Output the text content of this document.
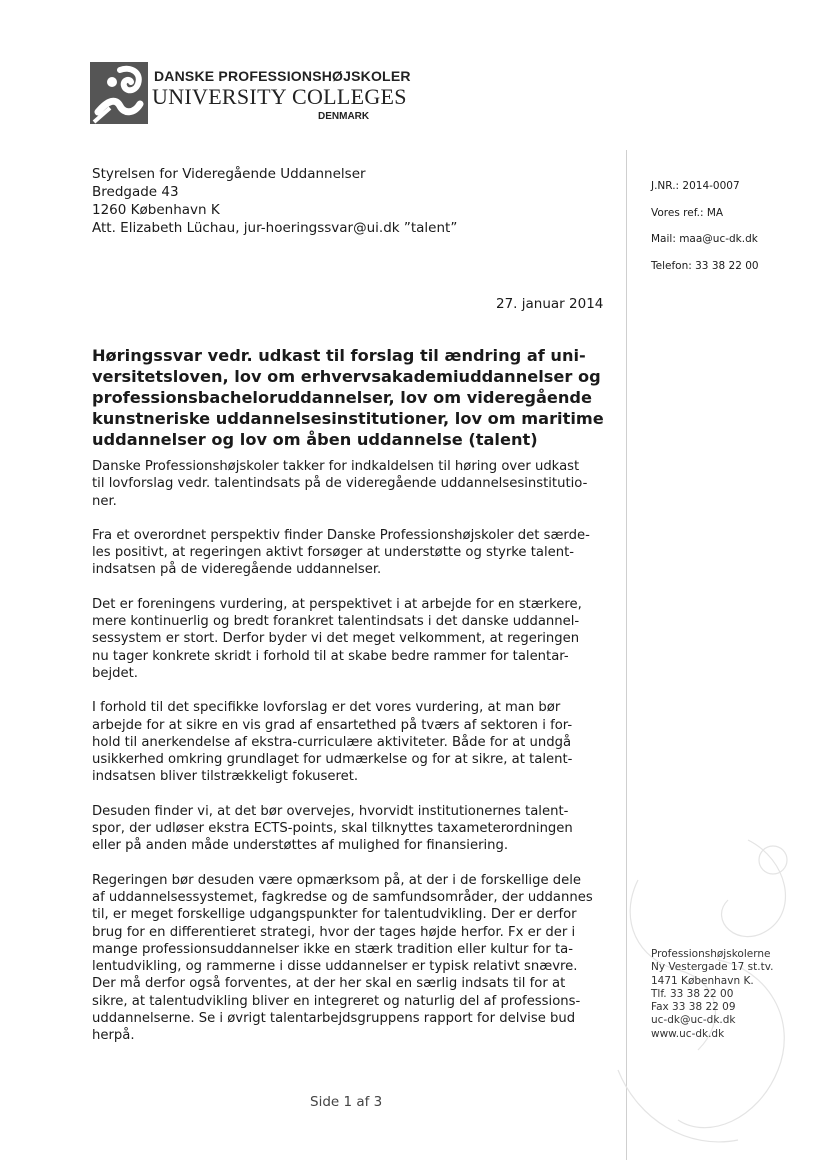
DANSKE PROFESSIONSHØJSKOLER
UNIVERSITY COLLEGES
DENMARK
Styrelsen for Videregående Uddannelser
Bredgade 43
1260 København K
Att. Elizabeth Lüchau, jur-hoeringssvar@ui.dk ”talent”
J.NR.: 2014-0007
Vores ref.: MA
Mail: maa@uc-dk.dk
Telefon: 33 38 22 00
27. januar 2014
Høringssvar vedr. udkast til forslag til ændring af uni-
versitetsloven, lov om erhvervsakademiuddannelser og
professionsbacheloruddannelser, lov om videregående
kunstneriske uddannelsesinstitutioner, lov om maritime
uddannelser og lov om åben uddannelse (talent)
Danske Professionshøjskoler takker for indkaldelsen til høring over udkast
til lovforslag vedr. talentindsats på de videregående uddannelsesinstitutio-
ner.
Fra et overordnet perspektiv finder Danske Professionshøjskoler det særde-
les positivt, at regeringen aktivt forsøger at understøtte og styrke talent-
indsatsen på de videregående uddannelser.
Det er foreningens vurdering, at perspektivet i at arbejde for en stærkere,
mere kontinuerlig og bredt forankret talentindsats i det danske uddannel-
sessystem er stort. Derfor byder vi det meget velkomment, at regeringen
nu tager konkrete skridt i forhold til at skabe bedre rammer for talentar-
bejdet.
I forhold til det specifikke lovforslag er det vores vurdering, at man bør
arbejde for at sikre en vis grad af ensartethed på tværs af sektoren i for-
hold til anerkendelse af ekstra-curriculære aktiviteter. Både for at undgå
usikkerhed omkring grundlaget for udmærkelse og for at sikre, at talent-
indsatsen bliver tilstrækkeligt fokuseret.
Desuden finder vi, at det bør overvejes, hvorvidt institutionernes talent-
spor, der udløser ekstra ECTS-points, skal tilknyttes taxameterordningen
eller på anden måde understøttes af mulighed for finansiering.
Regeringen bør desuden være opmærksom på, at der i de forskellige dele
af uddannelsessystemet, fagkredse og de samfundsområder, der uddannes
til, er meget forskellige udgangspunkter for talentudvikling. Der er derfor
brug for en differentieret strategi, hvor der tages højde herfor. Fx er der i
mange professionsuddannelser ikke en stærk tradition eller kultur for ta-
lentudvikling, og rammerne i disse uddannelser er typisk relativt snævre.
Der må derfor også forventes, at der her skal en særlig indsats til for at
sikre, at talentudvikling bliver en integreret og naturlig del af professions-
uddannelserne. Se i øvrigt talentarbejdsgruppens rapport for delvise bud
herpå.
Professionshøjskolerne
Ny Vestergade 17 st.tv.
1471 København K.
Tlf. 33 38 22 00
Fax 33 38 22 09
uc-dk@uc-dk.dk
www.uc-dk.dk
Side 1 af 3
